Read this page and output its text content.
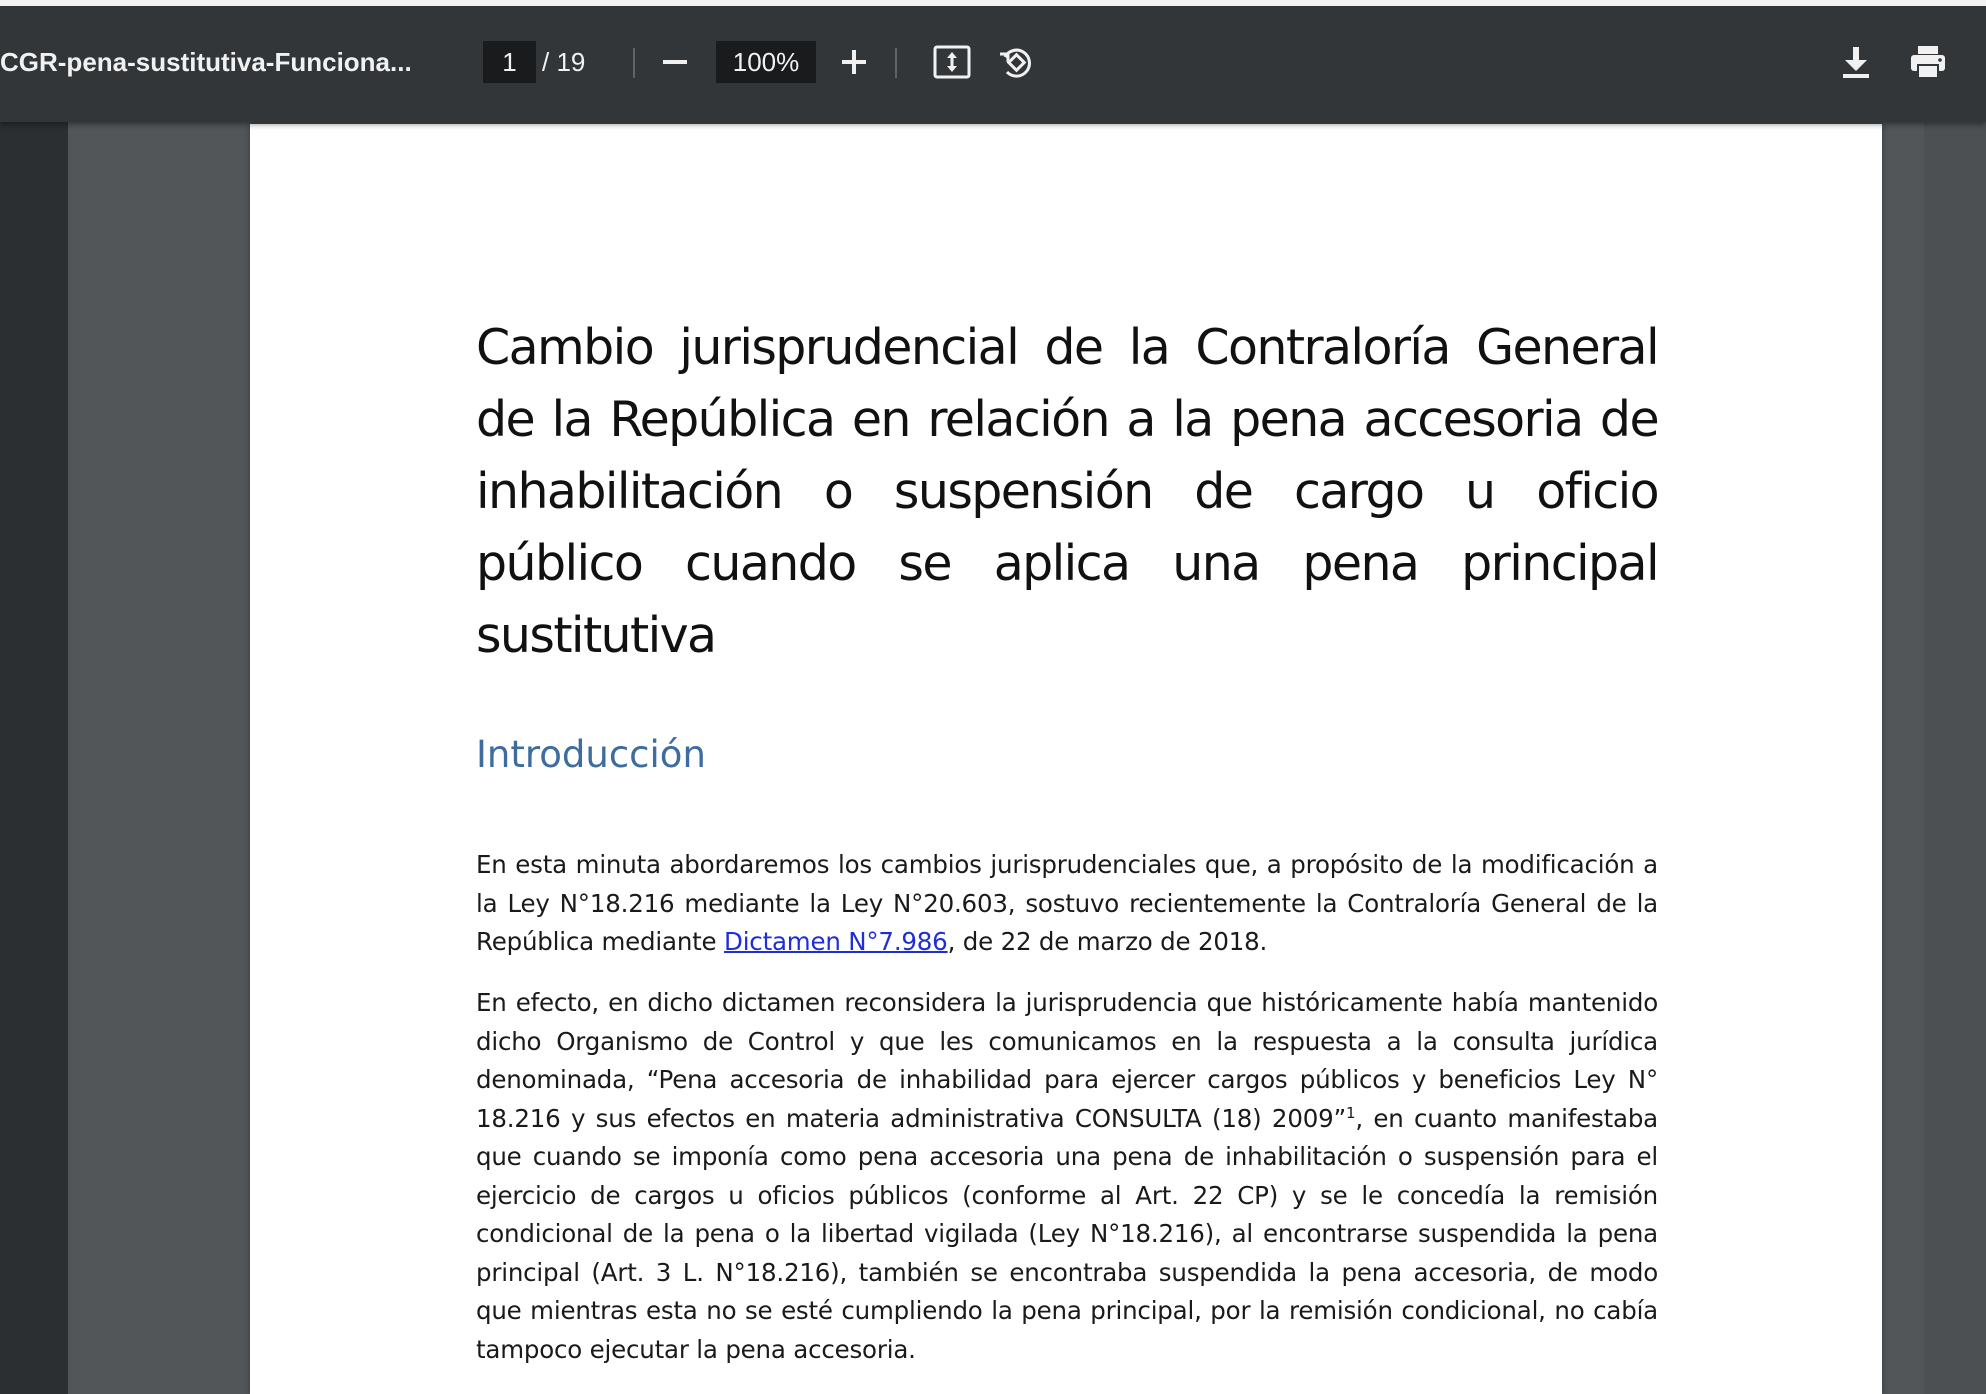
CGR-pena-sustitutiva-Funciona...	1 / 19	100%
Cambio jurisprudencial de la Contraloría General de la República en relación a la pena accesoria de inhabilitación o suspensión de cargo u oficio público cuando se aplica una pena principal sustitutiva
Introducción

En esta minuta abordaremos los cambios jurisprudenciales que, a propósito de la modificación a la Ley N°18.216 mediante la Ley N°20.603, sostuvo recientemente la Contraloría General de la República mediante Dictamen N°7.986, de 22 de marzo de 2018.

En efecto, en dicho dictamen reconsidera la jurisprudencia que históricamente había mantenido dicho Organismo de Control y que les comunicamos en la respuesta a la consulta jurídica denominada, “Pena accesoria de inhabilidad para ejercer cargos públicos y beneficios Ley N° 18.216 y sus efectos en materia administrativa CONSULTA (18) 2009”$^1$, en cuanto manifestaba que cuando se imponía como pena accesoria una pena de inhabilitación o suspensión para el ejercicio de cargos u oficios públicos (conforme al Art. 22 CP) y se le concedía la remisión condicional de la pena o la libertad vigilada (Ley N°18.216), al encontrarse suspendida la pena principal (Art. 3 L. N°18.216), también se encontraba suspendida la pena accesoria, de modo que mientras esta no se esté cumpliendo la pena principal, por la remisión condicional, no cabía tampoco ejecutar la pena accesoria.
